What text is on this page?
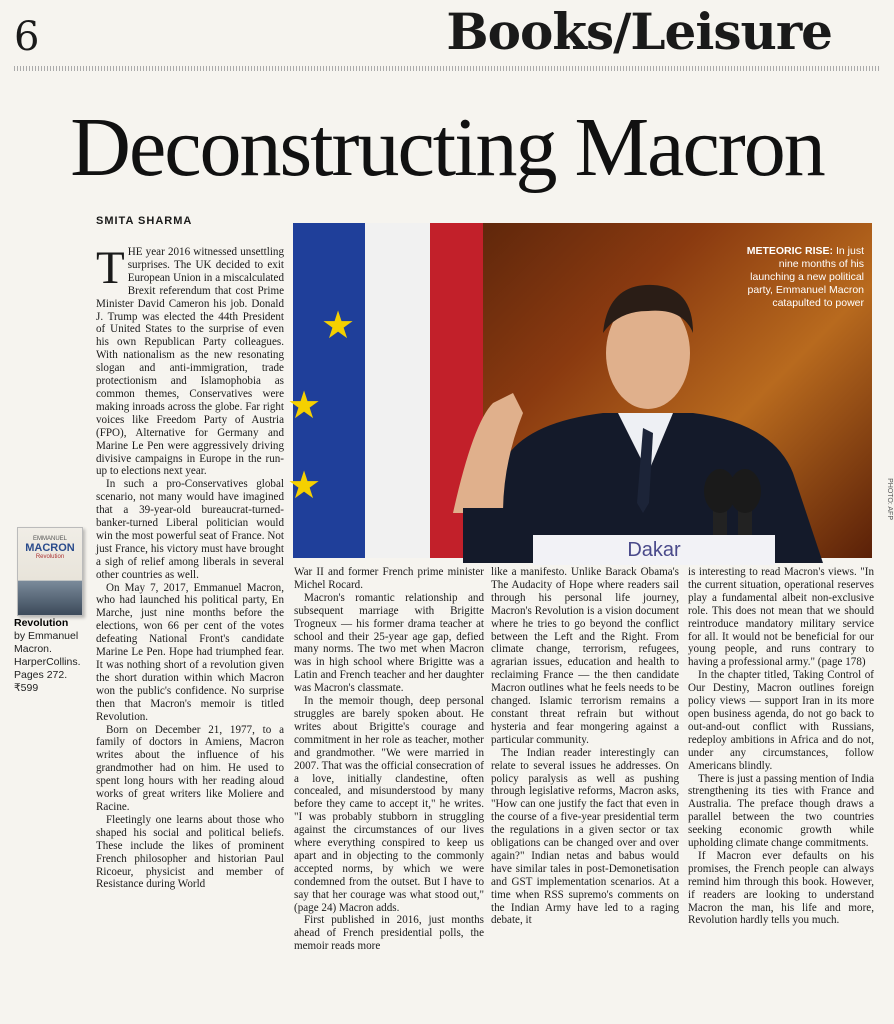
6	Books/Leisure
Deconstructing Macron
SMITA SHARMA
EMMANUEL
MACRON
Revolution
Revolution
by Emmanuel Macron.
HarperCollins.
Pages 272.
₹599
★
★
★
Dakar
METEORIC RISE: In just nine months of his launching a new political party, Emmanuel Macron catapulted to power
PHOTO: AFP

THE year 2016 witnessed unsettling surprises. The UK decided to exit European Union in a miscalculated Brexit referendum that cost Prime Minister David Cameron his job. Donald J. Trump was elected the 44th President of United States to the surprise of even his own Republican Party colleagues. With nationalism as the new resonating slogan and anti-immigration, trade protectionism and Islamophobia as common themes, Conservatives were making inroads across the globe. Far right voices like Freedom Party of Austria (FPO), Alternative for Germany and Marine Le Pen were aggressively driving divisive campaigns in Europe in the run-up to elections next year.

In such a pro-Conservatives global scenario, not many would have imagined that a 39-year-old bureaucrat-turned-banker-turned Liberal politician would win the most powerful seat of France. Not just France, his victory must have brought a sigh of relief among liberals in several other countries as well.

On May 7, 2017, Emmanuel Macron, who had launched his political party, En Marche, just nine months before the elections, won 66 per cent of the votes defeating National Front's candidate Marine Le Pen. Hope had triumphed fear. It was nothing short of a revolution given the short duration within which Macron won the public's confidence. No surprise then that Macron's memoir is titled Revolution.

Born on December 21, 1977, to a family of doctors in Amiens, Macron writes about the influence of his grandmother had on him. He used to spent long hours with her reading aloud works of great writers like Moliere and Racine.

Fleetingly one learns about those who shaped his social and political beliefs. These include the likes of prominent French philosopher and historian Paul Ricoeur, physicist and member of Resistance during World

War II and former French prime minister Michel Rocard.

Macron's romantic relationship and subsequent marriage with Brigitte Trogneux — his former drama teacher at school and their 25-year age gap, defied many norms. The two met when Macron was in high school where Brigitte was a Latin and French teacher and her daughter was Macron's classmate.

In the memoir though, deep personal struggles are barely spoken about. He writes about Brigitte's courage and commitment in her role as teacher, mother and grandmother. "We were married in 2007. That was the official consecration of a love, initially clandestine, often concealed, and misunderstood by many before they came to accept it," he writes. "I was probably stubborn in struggling against the circumstances of our lives where everything conspired to keep us apart and in objecting to the commonly accepted norms, by which we were condemned from the outset. But I have to say that her courage was what stood out," (page 24) Macron adds.

First published in 2016, just months ahead of French presidential polls, the memoir reads more

like a manifesto. Unlike Barack Obama's The Audacity of Hope where readers sail through his personal life journey, Macron's Revolution is a vision document where he tries to go beyond the conflict between the Left and the Right. From climate change, terrorism, refugees, agrarian issues, education and health to reclaiming France — the then candidate Macron outlines what he feels needs to be changed. Islamic terrorism remains a constant threat refrain but without hysteria and fear mongering against a particular community.

The Indian reader interestingly can relate to several issues he addresses. On policy paralysis as well as pushing through legislative reforms, Macron asks, "How can one justify the fact that even in the course of a five-year presidential term the regulations in a given sector or tax obligations can be changed over and over again?" Indian netas and babus would have similar tales in post-Demonetisation and GST implementation scenarios. At a time when RSS supremo's comments on the Indian Army have led to a raging debate, it

is interesting to read Macron's views. "In the current situation, operational reserves play a fundamental albeit non-exclusive role. This does not mean that we should reintroduce mandatory military service for all. It would not be beneficial for our young people, and runs contrary to having a professional army." (page 178)

In the chapter titled, Taking Control of Our Destiny, Macron outlines foreign policy views — support Iran in its more open business agenda, do not go back to out-and-out conflict with Russians, redeploy ambitions in Africa and do not, under any circumstances, follow Americans blindly.

There is just a passing mention of India strengthening its ties with France and Australia. The preface though draws a parallel between the two countries seeking economic growth while upholding climate change commitments.

If Macron ever defaults on his promises, the French people can always remind him through this book. However, if readers are looking to understand Macron the man, his life and more, Revolution hardly tells you much.
